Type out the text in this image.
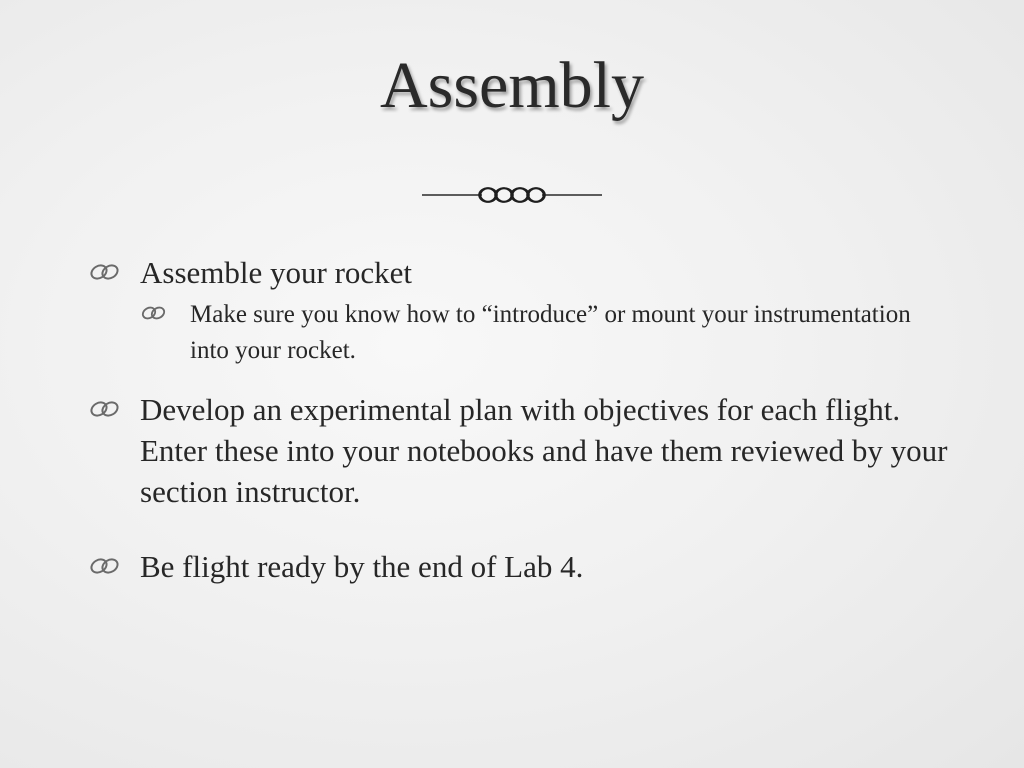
Assembly
Assemble your rocket
Make sure you know how to “introduce” or mount your instrumentation into your rocket.
Develop an experimental plan with objectives for each flight. Enter these into your notebooks and have them reviewed by your section instructor.
Be flight ready by the end of Lab 4.
